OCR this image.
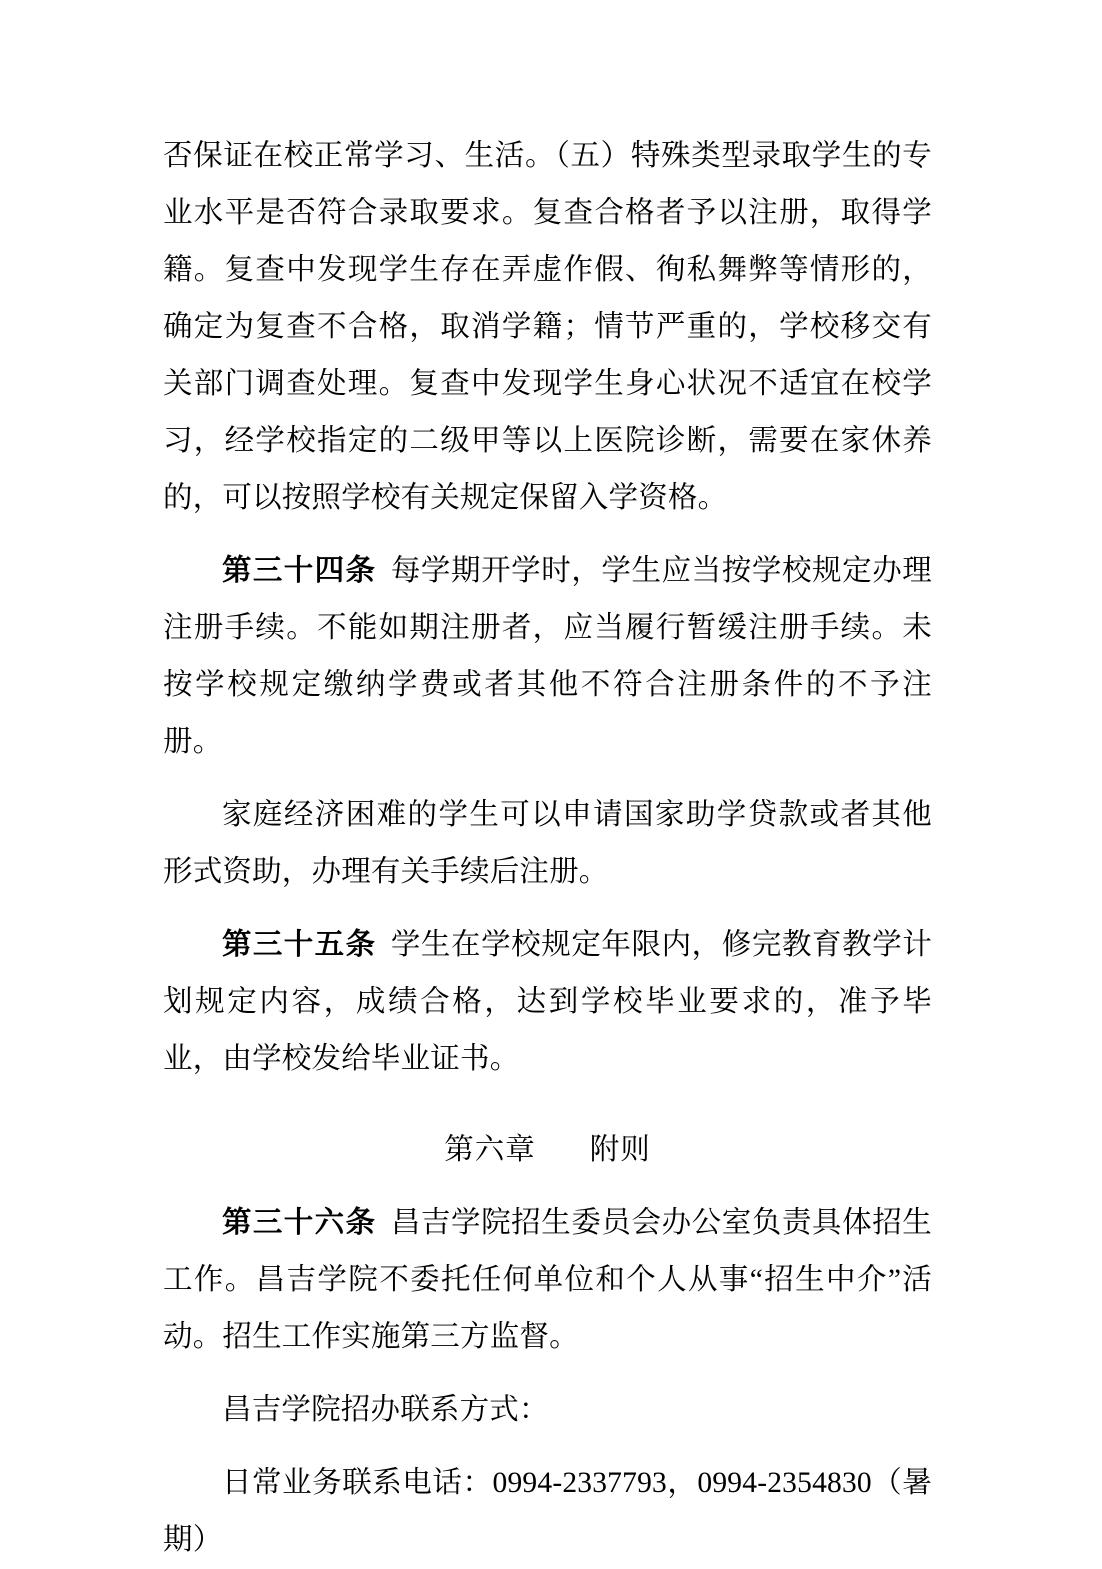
否保证在校正常学习、生活。（五）特殊类型录取学生的专业水平是否符合录取要求。复查合格者予以注册，取得学籍。复查中发现学生存在弄虚作假、徇私舞弊等情形的，确定为复查不合格，取消学籍；情节严重的，学校移交有关部门调查处理。复查中发现学生身心状况不适宜在校学习，经学校指定的二级甲等以上医院诊断，需要在家休养的，可以按照学校有关规定保留入学资格。

第三十四条 每学期开学时，学生应当按学校规定办理注册手续。不能如期注册者，应当履行暂缓注册手续。未按学校规定缴纳学费或者其他不符合注册条件的不予注册。

家庭经济困难的学生可以申请国家助学贷款或者其他形式资助，办理有关手续后注册。

第三十五条 学生在学校规定年限内，修完教育教学计划规定内容，成绩合格，达到学校毕业要求的，准予毕业，由学校发给毕业证书。

第六章 附则

第三十六条 昌吉学院招生委员会办公室负责具体招生工作。昌吉学院不委托任何单位和个人从事“招生中介”活动。招生工作实施第三方监督。

昌吉学院招办联系方式：

日常业务联系电话：0994-2337793，0994-2354830（暑期）
